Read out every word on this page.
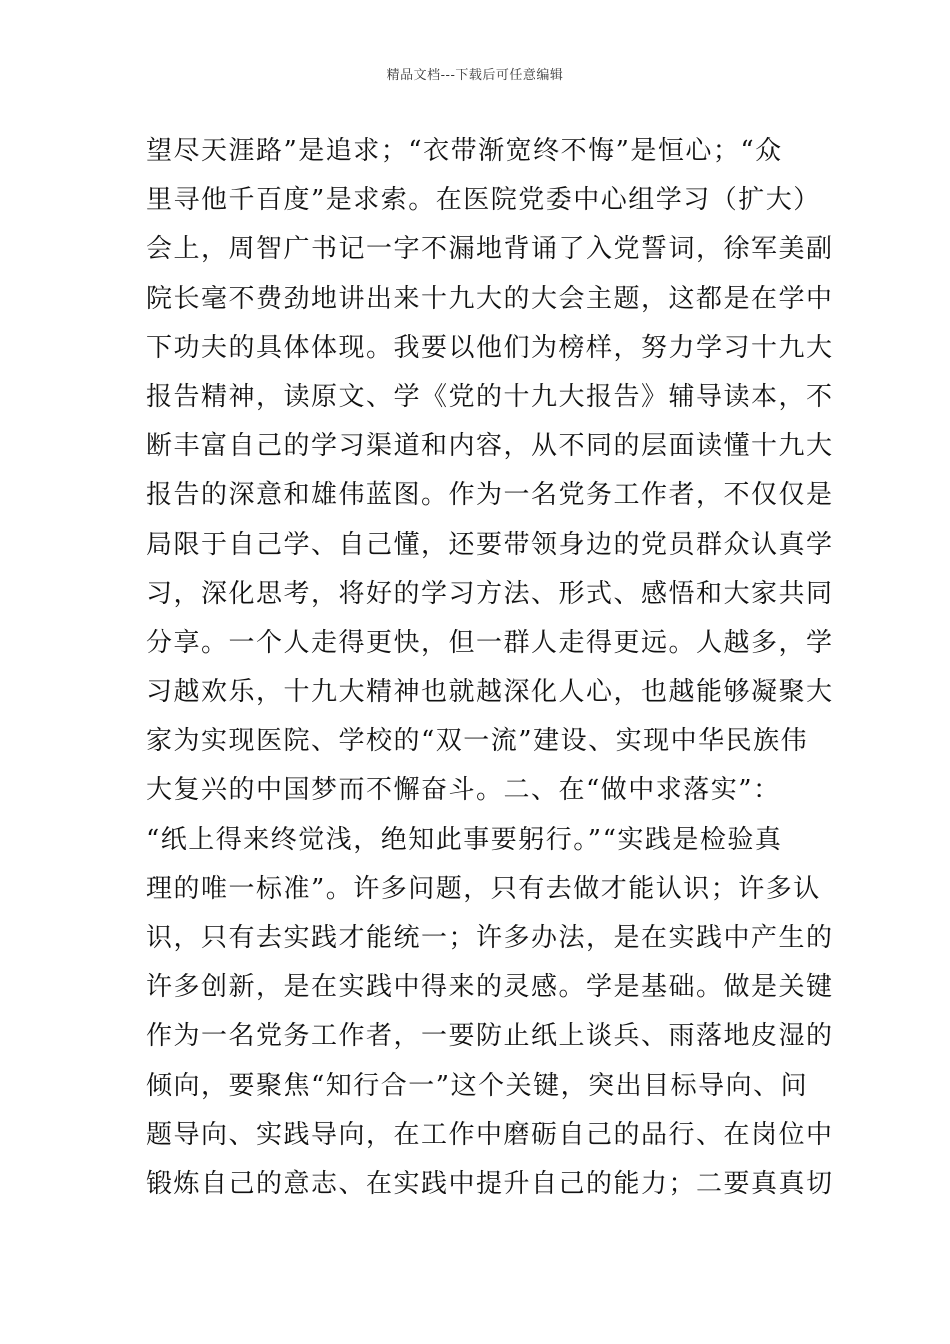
精品文档---下载后可任意编辑
望尽天涯路”是追求；“衣带渐宽终不悔”是恒心；“众
里寻他千百度”是求索。在医院党委中心组学习（扩大）
会上，周智广书记一字不漏地背诵了入党誓词，徐军美副
院长毫不费劲地讲出来十九大的大会主题，这都是在学中
下功夫的具体体现。我要以他们为榜样，努力学习十九大
报告精神，读原文、学《党的十九大报告》辅导读本，不
断丰富自己的学习渠道和内容，从不同的层面读懂十九大
报告的深意和雄伟蓝图。作为一名党务工作者，不仅仅是
局限于自己学、自己懂，还要带领身边的党员群众认真学
习，深化思考，将好的学习方法、形式、感悟和大家共同
分享。一个人走得更快，但一群人走得更远。人越多，学
习越欢乐，十九大精神也就越深化人心，也越能够凝聚大
家为实现医院、学校的“双一流”建设、实现中华民族伟
大复兴的中国梦而不懈奋斗。二、在“做中求落实”：
“纸上得来终觉浅，绝知此事要躬行。”“实践是检验真
理的唯一标准”。许多问题，只有去做才能认识；许多认
识，只有去实践才能统一；许多办法，是在实践中产生的
许多创新，是在实践中得来的灵感。学是基础。做是关键
作为一名党务工作者，一要防止纸上谈兵、雨落地皮湿的
倾向，要聚焦“知行合一”这个关键，突出目标导向、问
题导向、实践导向，在工作中磨砺自己的品行、在岗位中
锻炼自己的意志、在实践中提升自己的能力；二要真真切
